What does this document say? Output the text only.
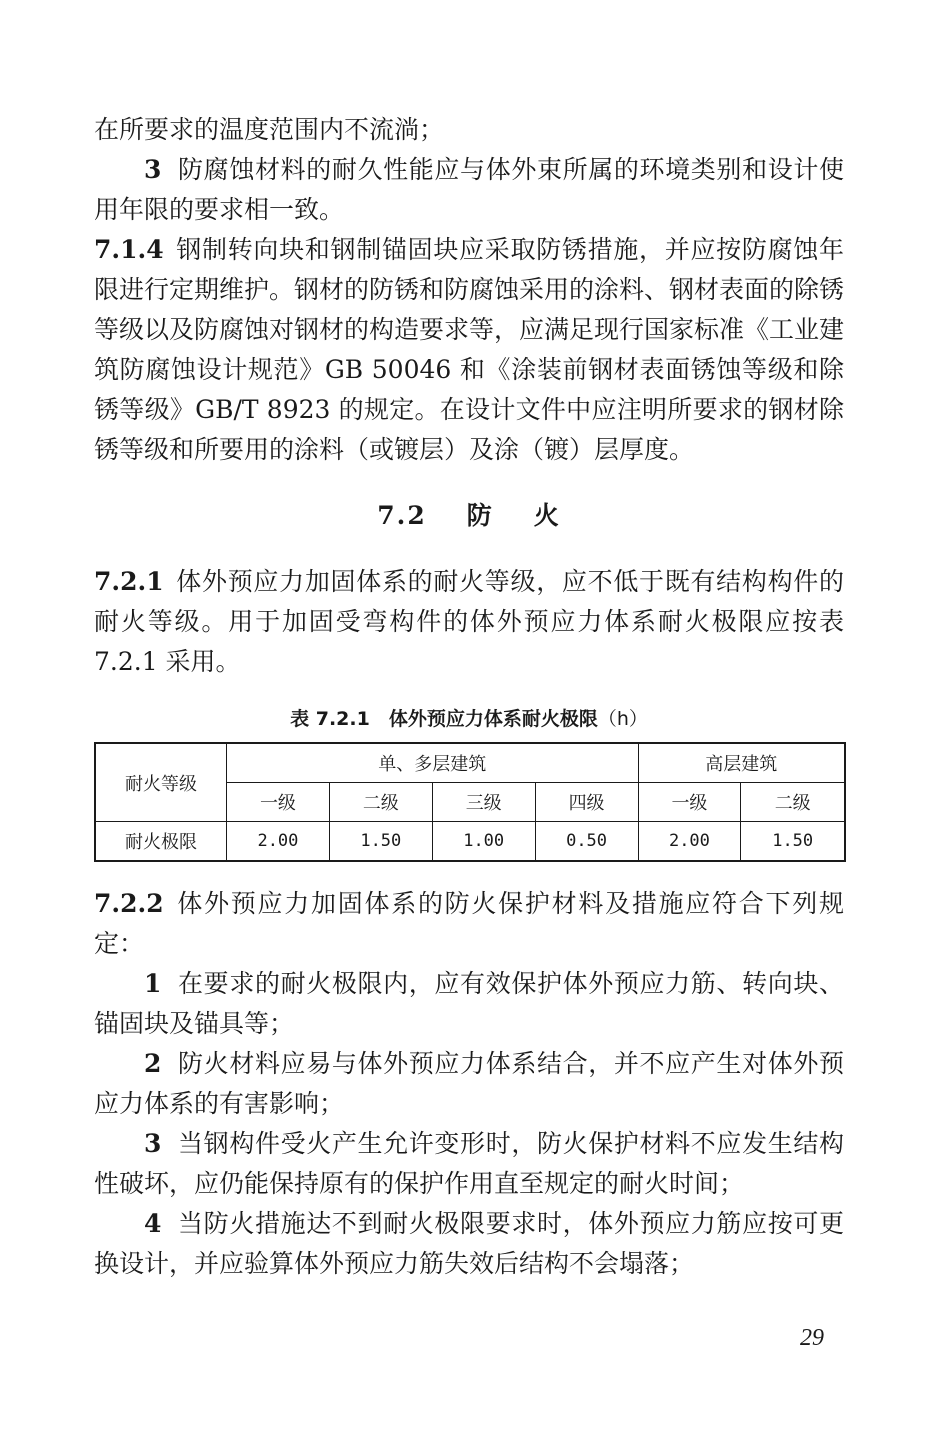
在所要求的温度范围内不流淌；

3 防腐蚀材料的耐久性能应与体外束所属的环境类别和设计使用年限的要求相一致。

7.1.4 钢制转向块和钢制锚固块应采取防锈措施，并应按防腐蚀年限进行定期维护。钢材的防锈和防腐蚀采用的涂料、钢材表面的除锈等级以及防腐蚀对钢材的构造要求等，应满足现行国家标准《工业建筑防腐蚀设计规范》GB 50046 和《涂装前钢材表面锈蚀等级和除锈等级》GB/T 8923 的规定。在设计文件中应注明所要求的钢材除锈等级和所要用的涂料（或镀层）及涂（镀）层厚度。

7.2 防 火

7.2.1 体外预应力加固体系的耐火等级，应不低于既有结构构件的耐火等级。用于加固受弯构件的体外预应力体系耐火极限应按表 7.2.1 采用。

表 7.2.1　体外预应力体系耐火极限（h）
耐火等级	单、多层建筑				高层建筑	
	一级	二级	三级	四级	一级	二级
耐火极限	2.00	1.50	1.00	0.50	2.00	1.50

7.2.2 体外预应力加固体系的防火保护材料及措施应符合下列规定：

1 在要求的耐火极限内，应有效保护体外预应力筋、转向块、锚固块及锚具等；

2 防火材料应易与体外预应力体系结合，并不应产生对体外预应力体系的有害影响；

3 当钢构件受火产生允许变形时，防火保护材料不应发生结构性破坏，应仍能保持原有的保护作用直至规定的耐火时间；

4 当防火措施达不到耐火极限要求时，体外预应力筋应按可更换设计，并应验算体外预应力筋失效后结构不会塌落；

29
